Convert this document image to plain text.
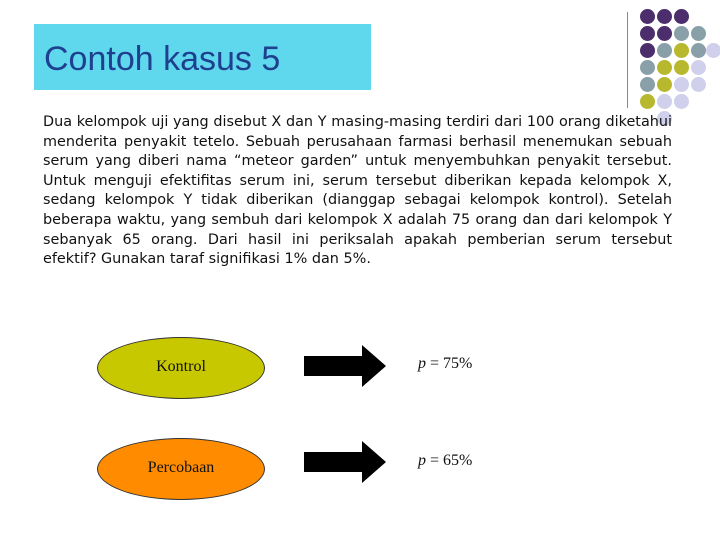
Contoh kasus 5
Dua kelompok uji yang disebut X dan Y masing-masing terdiri dari 100 orang diketahui menderita penyakit tetelo. Sebuah perusahaan farmasi berhasil menemukan sebuah serum yang diberi nama “meteor garden” untuk menyembuhkan penyakit tersebut. Untuk menguji efektifitas serum ini, serum tersebut diberikan kepada kelompok X, sedang kelompok Y tidak diberikan (dianggap sebagai kelompok kontrol). Setelah beberapa waktu, yang sembuh dari kelompok X adalah 75 orang dan dari kelompok Y sebanyak 65 orang. Dari hasil ini periksalah apakah pemberian serum tersebut efektif? Gunakan taraf signifikasi 1% dan 5%.
Kontrol	p = 75%
Percobaan	p = 65%
